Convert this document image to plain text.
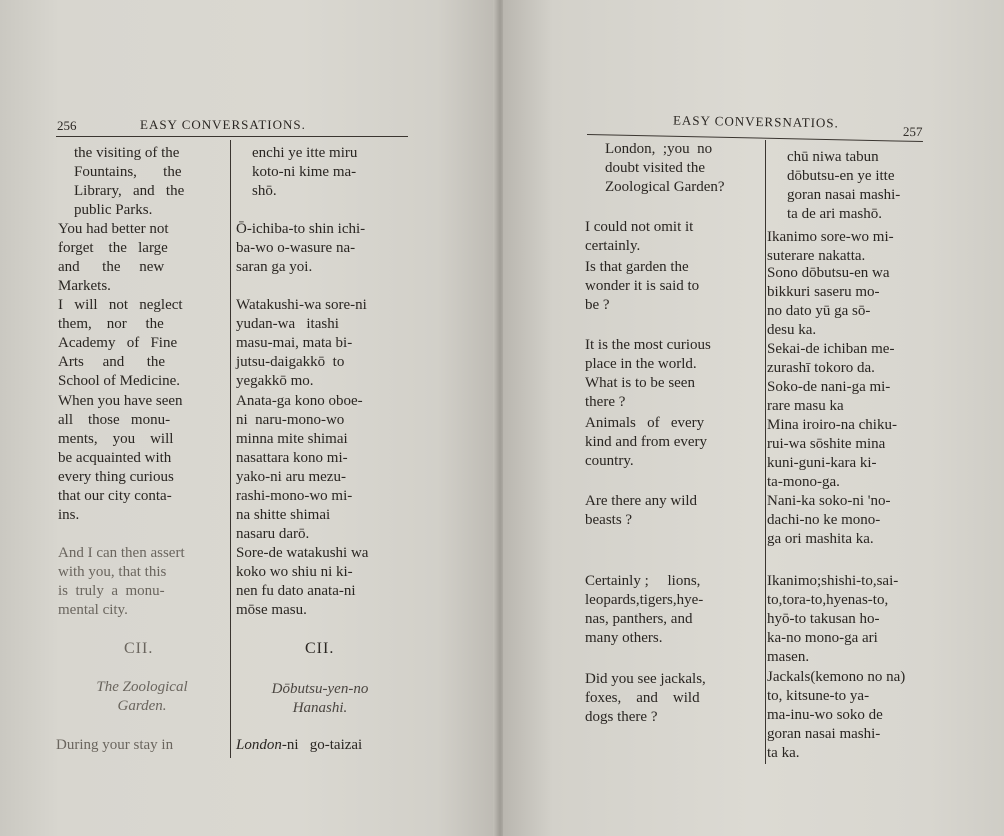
256	EASY CONVERSATIONS.
the visiting of the
Fountains,       the
Library,   and   the
public Parks.
You had better not
forget    the   large
and      the     new
Markets.
I   will   not   neglect
them,    nor     the
Academy   of   Fine
Arts     and      the
School of Medicine.
When you have seen
all    those   monu-
ments,    you    will
be acquainted with
every thing curious
that our city conta-
ins.
And I can then assert
with you, that this
is  truly  a  monu-
mental city.
enchi ye itte miru
koto-ni kime ma-
shō.
Ō-ichiba-to shin ichi-
ba-wo o-wasure na-
saran ga yoi.
Watakushi-wa sore-ni
yudan-wa   itashi
masu-mai, mata bi-
jutsu-daigakkō  to
yegakkō mo.
Anata-ga kono oboe-
ni  naru-mono-wo
minna mite shimai
nasattara kono mi-
yako-ni aru mezu-
rashi-mono-wo mi-
na shitte shimai
nasaru darō.
Sore-de watakushi wa
koko wo shiu ni ki-
nen fu dato anata-ni
mōse masu.
CII.	CII.
The Zoological
Garden.
Dōbutsu-yen-no
Hanashi.
During your stay in	London-ni   go-taizai
EASY CONVERSNATIOS.
257
London,  ;you  no
doubt visited the
Zoological Garden?
I could not omit it
certainly.
Is that garden the
wonder it is said to
be ?
It is the most curious
place in the world.
What is to be seen
there ?
Animals   of   every
kind and from every
country.
Are there any wild
beasts ?
Certainly ;     lions,
leopards,tigers,hye-
nas, panthers, and
many others.
Did you see jackals,
foxes,    and    wild
dogs there ?
chū niwa tabun
dōbutsu-en ye itte
goran nasai mashi-
ta de ari mashō.
Ikanimo sore-wo mi-
suterare nakatta.
Sono dōbutsu-en wa
bikkuri saseru mo-
no dato yū ga sō-
desu ka.
Sekai-de ichiban me-
zurashī tokoro da.
Soko-de nani-ga mi-
rare masu ka
Mina iroiro-na chiku-
rui-wa sōshite mina
kuni-guni-kara ki-
ta-mono-ga.
Nani-ka soko-ni 'no-
dachi-no ke mono-
ga ori mashita ka.
Ikanimo;shishi-to,sai-
to,tora-to,hyenas-to,
hyō-to takusan ho-
ka-no mono-ga ari
masen.
Jackals(kemono no na)
to, kitsune-to ya-
ma-inu-wo soko de
goran nasai mashi-
ta ka.
